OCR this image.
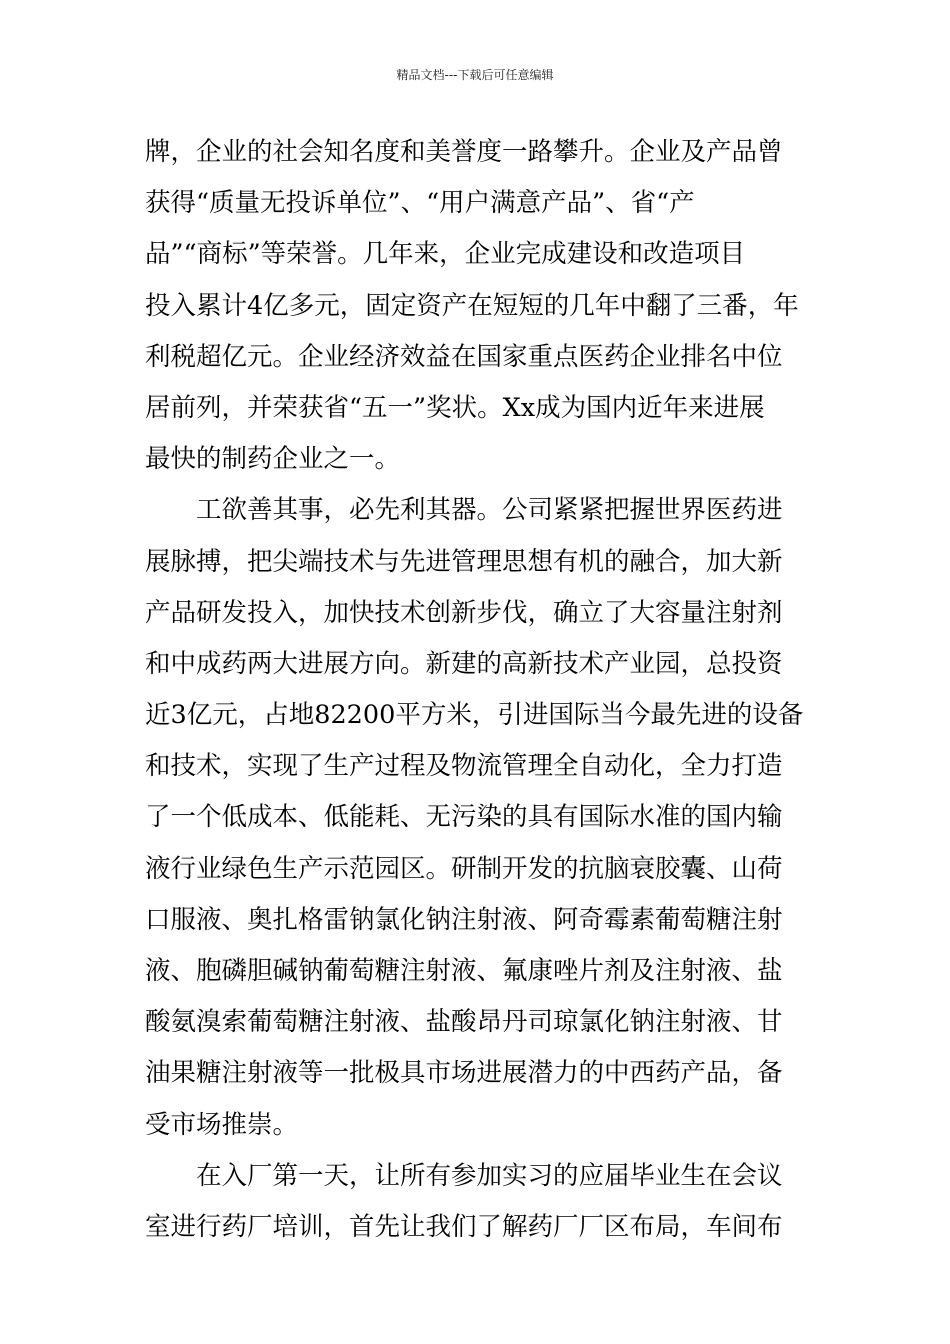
精品文档---下载后可任意编辑
牌，企业的社会知名度和美誉度一路攀升。企业及产品曾
获得“质量无投诉单位”、“用户满意产品”、省“产
品”“商标”等荣誉。几年来，企业完成建设和改造项目
投入累计4亿多元，固定资产在短短的几年中翻了三番，年
利税超亿元。企业经济效益在国家重点医药企业排名中位
居前列，并荣获省“五一”奖状。Xx成为国内近年来进展
最快的制药企业之一。
　　工欲善其事，必先利其器。公司紧紧把握世界医药进
展脉搏，把尖端技术与先进管理思想有机的融合，加大新
产品研发投入，加快技术创新步伐，确立了大容量注射剂
和中成药两大进展方向。新建的高新技术产业园，总投资
近3亿元，占地82200平方米，引进国际当今最先进的设备
和技术，实现了生产过程及物流管理全自动化，全力打造
了一个低成本、低能耗、无污染的具有国际水准的国内输
液行业绿色生产示范园区。研制开发的抗脑衰胶囊、山荷
口服液、奥扎格雷钠氯化钠注射液、阿奇霉素葡萄糖注射
液、胞磷胆碱钠葡萄糖注射液、氟康唑片剂及注射液、盐
酸氨溴索葡萄糖注射液、盐酸昂丹司琼氯化钠注射液、甘
油果糖注射液等一批极具市场进展潜力的中西药产品，备
受市场推崇。
　　在入厂第一天，让所有参加实习的应届毕业生在会议
室进行药厂培训，首先让我们了解药厂厂区布局，车间布
